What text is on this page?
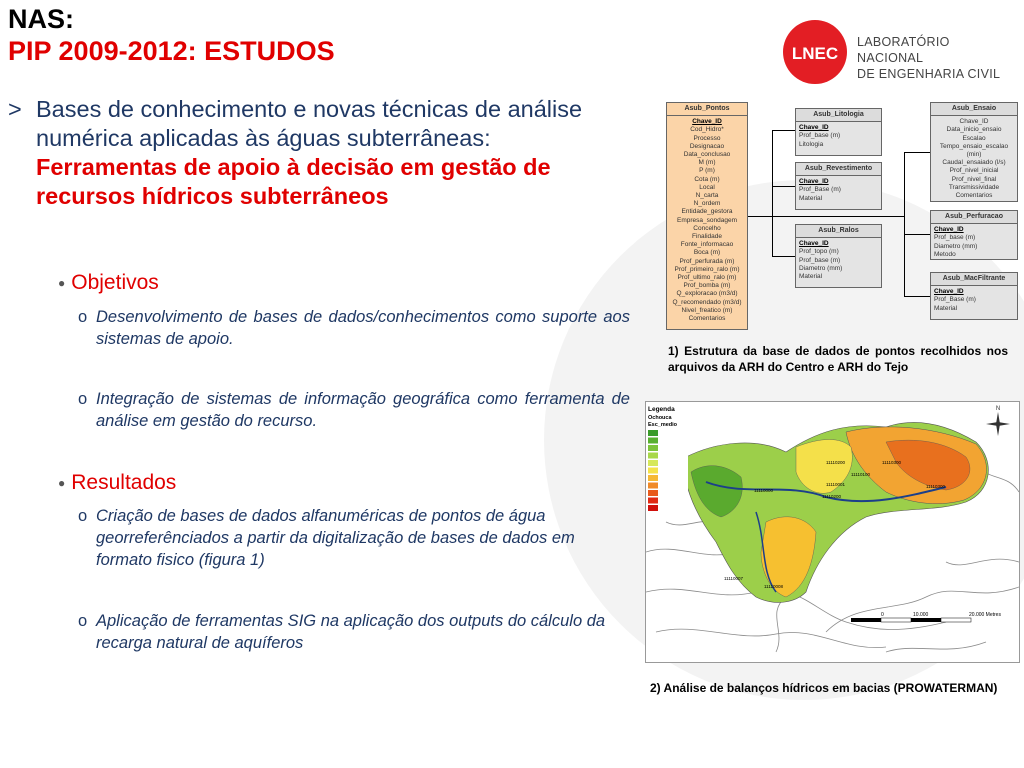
NAS:
PIP 2009-2012: ESTUDOS	LNEC
LABORATÓRIO NACIONAL
DE ENGENHARIA CIVIL
> Bases de conhecimento e novas técnicas de análise numérica aplicadas às águas subterrâneas: Ferramentas de apoio à decisão em gestão de recursos hídricos subterrâneos
● Objetivos
o Desenvolvimento de bases de dados/conhecimentos como suporte aos sistemas de apoio.
o Integração de sistemas de informação geográfica como ferramenta de análise em gestão do recurso.
● Resultados
o Criação de bases de dados alfanuméricas de pontos de água georreferênciados a partir da digitalização de bases de dados em formato fisico (figura 1)
o Aplicação de ferramentas SIG na aplicação dos outputs do cálculo da recarga natural de aquíferos
Asub_Pontos
Chave_ID
Cod_Hidro*
Processo
Designacao
Data_conclusao
M (m)
P (m)
Cota (m)
Local
N_carta
N_ordem
Entidade_gestora
Empresa_sondagem
Concelho
Finalidade
Fonte_informacao
Boca (m)
Prof_perfurada (m)
Prof_primeiro_ralo (m)
Prof_ultimo_ralo (m)
Prof_bomba (m)
Q_exploracao (m3/d)
Q_recomendado (m3/d)
Nivel_freatico (m)
Comentarios
Asub_Litologia
Chave_ID
Prof_base (m)
Litologia
Asub_Revestimento
Chave_ID
Prof_Base (m)
Material
Asub_Ralos
Chave_ID
Prof_topo (m)
Prof_base (m)
Diametro (mm)
Material
Asub_Ensaio
Chave_ID
Data_inicio_ensaio
Escalao
Tempo_ensaio_escalao (min)
Caudal_ensaiado (l/s)
Prof_nivel_inicial
Prof_nivel_final
Transmissividade
Comentarios
Asub_Perfuracao
Chave_ID
Prof_base (m)
Diametro (mm)
Metodo
Asub_MacFiltrante
Chave_ID
Prof_Base (m)
Material
1) Estrutura da base de dados de pontos recolhidos nos arquivos da ARH do Centro e ARH do Tejo
Legenda
Ochouca
Esc_medio
N
0	10.000	20.000 Metres
11110000
11110200	11110300
11110001
11110200
11110100
11110300
11110007
11110008
2) Análise de balanços hídricos em bacias (PROWATERMAN)
